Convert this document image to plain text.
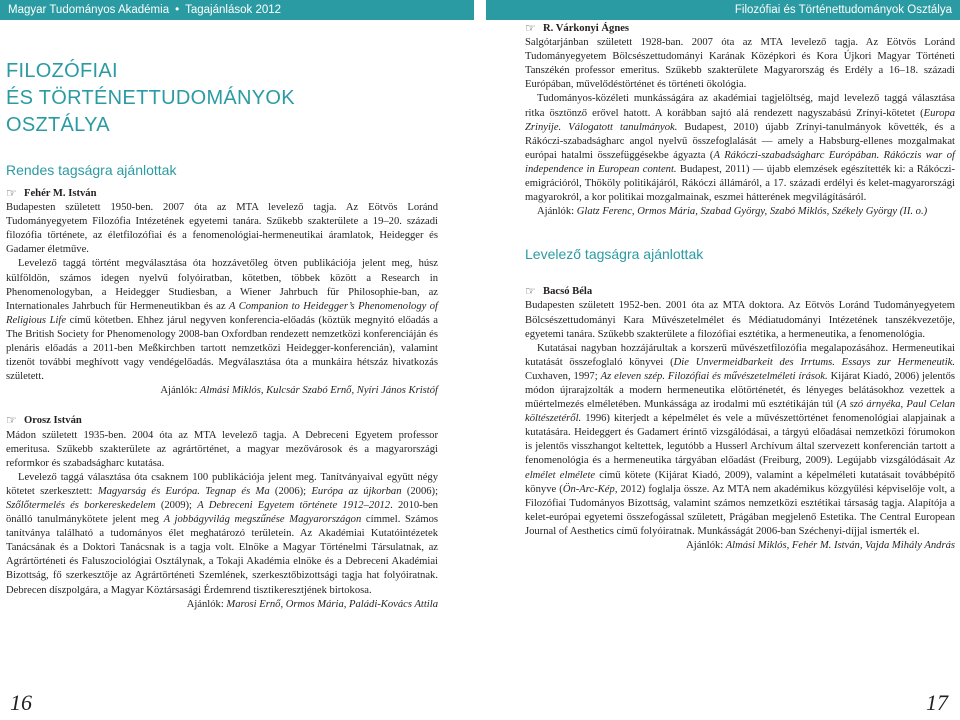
Magyar Tudományos Akadémia • Tagajánlások 2012	Filozófiai és Történettudományok Osztálya
FILOZÓFIAI
ÉS TÖRTÉNETTUDOMÁNYOK
OSZTÁLYA
Rendes tagságra ajánlottak
☞ Fehér M. István

Budapesten született 1950-ben. 2007 óta az MTA levelező tagja. Az Eötvös Loránd Tudományegyetem Filozófia Intézetének egyetemi tanára. Szűkebb szakterülete a 19–20. századi filozófia története, az életfilozófiai és a fenomenológiai-hermeneutikai áramlatok, Heidegger és Gadamer életműve.

Levelező taggá történt megválasztása óta hozzávetőleg ötven publikációja jelent meg, húsz külföldön, számos idegen nyelvű folyóiratban, kötetben, többek között a Research in Phenomenologyban, a Heidegger Studiesban, a Wiener Jahrbuch für Philosophie-ban, az Internationales Jahrbuch für Hermeneutikban és az A Companion to Heidegger’s Phenomenology of Religious Life című kötetben. Ehhez járul negyven konferencia-előadás (köztük megnyitó előadás a The British Society for Phenomenology 2008-ban Oxfordban rendezett nemzetközi konferenciáján és plenáris előadás a 2011-ben Meßkirchben tartott nemzetközi Heidegger-konferencián), valamint tizenöt további meghívott vagy vendégelőadás. Megválasztása óta a munkáira hétszáz hivatkozás született.

Ajánlók: Almási Miklós, Kulcsár Szabó Ernő, Nyíri János Kristóf

☞ Orosz István

Mádon született 1935-ben. 2004 óta az MTA levelező tagja. A Debreceni Egyetem professor emeritusa. Szűkebb szakterülete az agrártörténet, a magyar mezővárosok és a magyarországi reformkor és szabadságharc kutatása.

Levelező taggá választása óta csaknem 100 publikációja jelent meg. Tanítványaival együtt négy kötetet szerkesztett: Magyarság és Európa. Tegnap és Ma (2006); Európa az újkorban (2006); Szőlőtermelés és borkereskedelem (2009); A Debreceni Egyetem története 1912–2012. 2010-ben önálló tanulmánykötete jelent meg A jobbágyvilág megszűnése Magyarországon címmel. Számos tanítványa található a tudományos élet meghatározó területein. Az Akadémiai Kutatóintézetek Tanácsának és a Doktori Tanácsnak is a tagja volt. Elnöke a Magyar Történelmi Társulatnak, az Agrártörténeti és Faluszociológiai Osztálynak, a Tokaji Akadémia elnöke és a Debreceni Akadémiai Bizottság, fő szerkesztője az Agrártörténeti Szemlének, szerkesztőbizottsági tagja hat folyóiratnak. Debrecen díszpolgára, a Magyar Köztársasági Érdemrend tisztikeresztjének birtokosa.

Ajánlók: Marosi Ernő, Ormos Mária, Paládi-Kovács Attila

☞ R. Várkonyi Ágnes

Salgótarjánban született 1928-ban. 2007 óta az MTA levelező tagja. Az Eötvös Loránd Tudományegyetem Bölcsészettudományi Karának Középkori és Kora Újkori Magyar Történeti Tanszékén professor emeritus. Szűkebb szakterülete Magyarország és Erdély a 16–18. századi Európában, művelődéstörténet és történeti ökológia.

Tudományos-közéleti munkásságára az akadémiai tagjelöltség, majd levelező taggá választása ritka ösztönző erővel hatott. A korábban sajtó alá rendezett nagyszabású Zrínyi-kötetet (Europa Zrinyije. Válogatott tanulmányok. Budapest, 2010) újabb Zrínyi-tanulmányok követték, és a Rákóczi-szabadságharc angol nyelvű összefoglalását — amely a Habsburg-ellenes mozgalmakat európai hatalmi összefüggésekbe ágyazta (A Rákóczi-szabadságharc Európában. Rákóczis war of independence in European content. Budapest, 2011) — újabb elemzések egészítették ki: a Rákóczi-emigrációról, Thököly politikájáról, Rákóczi állámáról, a 17. századi erdélyi és kelet-magyarországi magyarokról, a kor politikai mozgalmainak, eszmei hátterének megvilágításáról.

Ajánlók: Glatz Ferenc, Ormos Mária, Szabad György, Szabó Miklós, Székely György (II. o.)

Levelező tagságra ajánlottak
☞ Bacsó Béla

Budapesten született 1952-ben. 2001 óta az MTA doktora. Az Eötvös Loránd Tudományegyetem Bölcsészettudományi Kara Művészetelmélet és Médiatudományi Intézetének tanszékvezetője, egyetemi tanára. Szűkebb szakterülete a filozófiai esztétika, a hermeneutika, a fenomenológia.

Kutatásai nagyban hozzájárultak a korszerű művészetfilozófia megalapozásához. Hermeneutikai kutatását összefoglaló könyvei (Die Unvermeidbarkeit des Irrtums. Essays zur Hermeneutik. Cuxhaven, 1997; Az eleven szép. Filozófiai és művészetelméleti írások. Kijárat Kiadó, 2006) jelentős módon újrarajzolták a modern hermeneutika elötörténetét, és lényeges belátásokhoz vezettek a műértelmezés elméletében. Munkássága az irodalmi mű esztétikáján túl (A szó árnyéka, Paul Celan költészetéről. 1996) kiterjedt a képelmélet és vele a művészettörténet fenomenológiai alapjainak a kutatására. Heideggert és Gadamert érintő vizsgálódásai, a tárgyú előadásai nemzetközi fórumokon is jelentős visszhangot keltettek, legutóbb a Husserl Archívum által szervezett konferencián tartott a fenomenológia és a hermeneutika tárgyában előadást (Freiburg, 2009). Legújabb vizsgálódásait Az elmélet elmélete című kötete (Kijárat Kiadó, 2009), valamint a képelméleti kutatásait továbbépítő könyve (Ön-Arc-Kép, 2012) foglalja össze. Az MTA nem akadémikus közgyűlési képviselője volt, a Filozófiai Tudományos Bizottság, valamint számos nemzetközi esztétikai társaság tagja. Alapítója a kelet-európai egyetemi összefogással született, Prágában megjelenő Estetika. The Central European Journal of Aesthetics című folyóiratnak. Munkásságát 2006-ban Széchenyi-díjjal ismerték el.

Ajánlók: Almási Miklós, Fehér M. István, Vajda Mihály András

16	17
